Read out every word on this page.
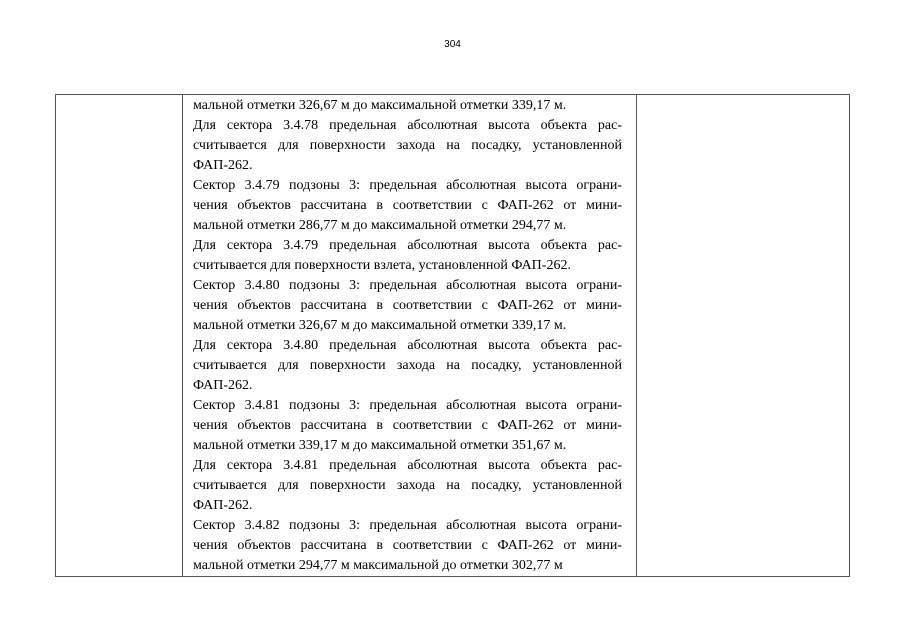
304

мальной отметки 326,67 м до максимальной отметки 339,17 м.

Для сектора 3.4.78 предельная абсолютная высота объекта рас-
считывается для поверхности захода на посадку, установленной
ФАП-262.

Сектор 3.4.79 подзоны 3: предельная абсолютная высота ограни-
чения объектов рассчитана в соответствии с ФАП-262 от мини-
мальной отметки 286,77 м до максимальной отметки 294,77 м.

Для сектора 3.4.79 предельная абсолютная высота объекта рас-
считывается для поверхности взлета, установленной ФАП-262.

Сектор 3.4.80 подзоны 3: предельная абсолютная высота ограни-
чения объектов рассчитана в соответствии с ФАП-262 от мини-
мальной отметки 326,67 м до максимальной отметки 339,17 м.

Для сектора 3.4.80 предельная абсолютная высота объекта рас-
считывается для поверхности захода на посадку, установленной
ФАП-262.

Сектор 3.4.81 подзоны 3: предельная абсолютная высота ограни-
чения объектов рассчитана в соответствии с ФАП-262 от мини-
мальной отметки 339,17 м до максимальной отметки 351,67 м.

Для сектора 3.4.81 предельная абсолютная высота объекта рас-
считывается для поверхности захода на посадку, установленной
ФАП-262.

Сектор 3.4.82 подзоны 3: предельная абсолютная высота ограни-
чения объектов рассчитана в соответствии с ФАП-262 от мини-
мальной отметки 294,77 м максимальной до отметки 302,77 м
